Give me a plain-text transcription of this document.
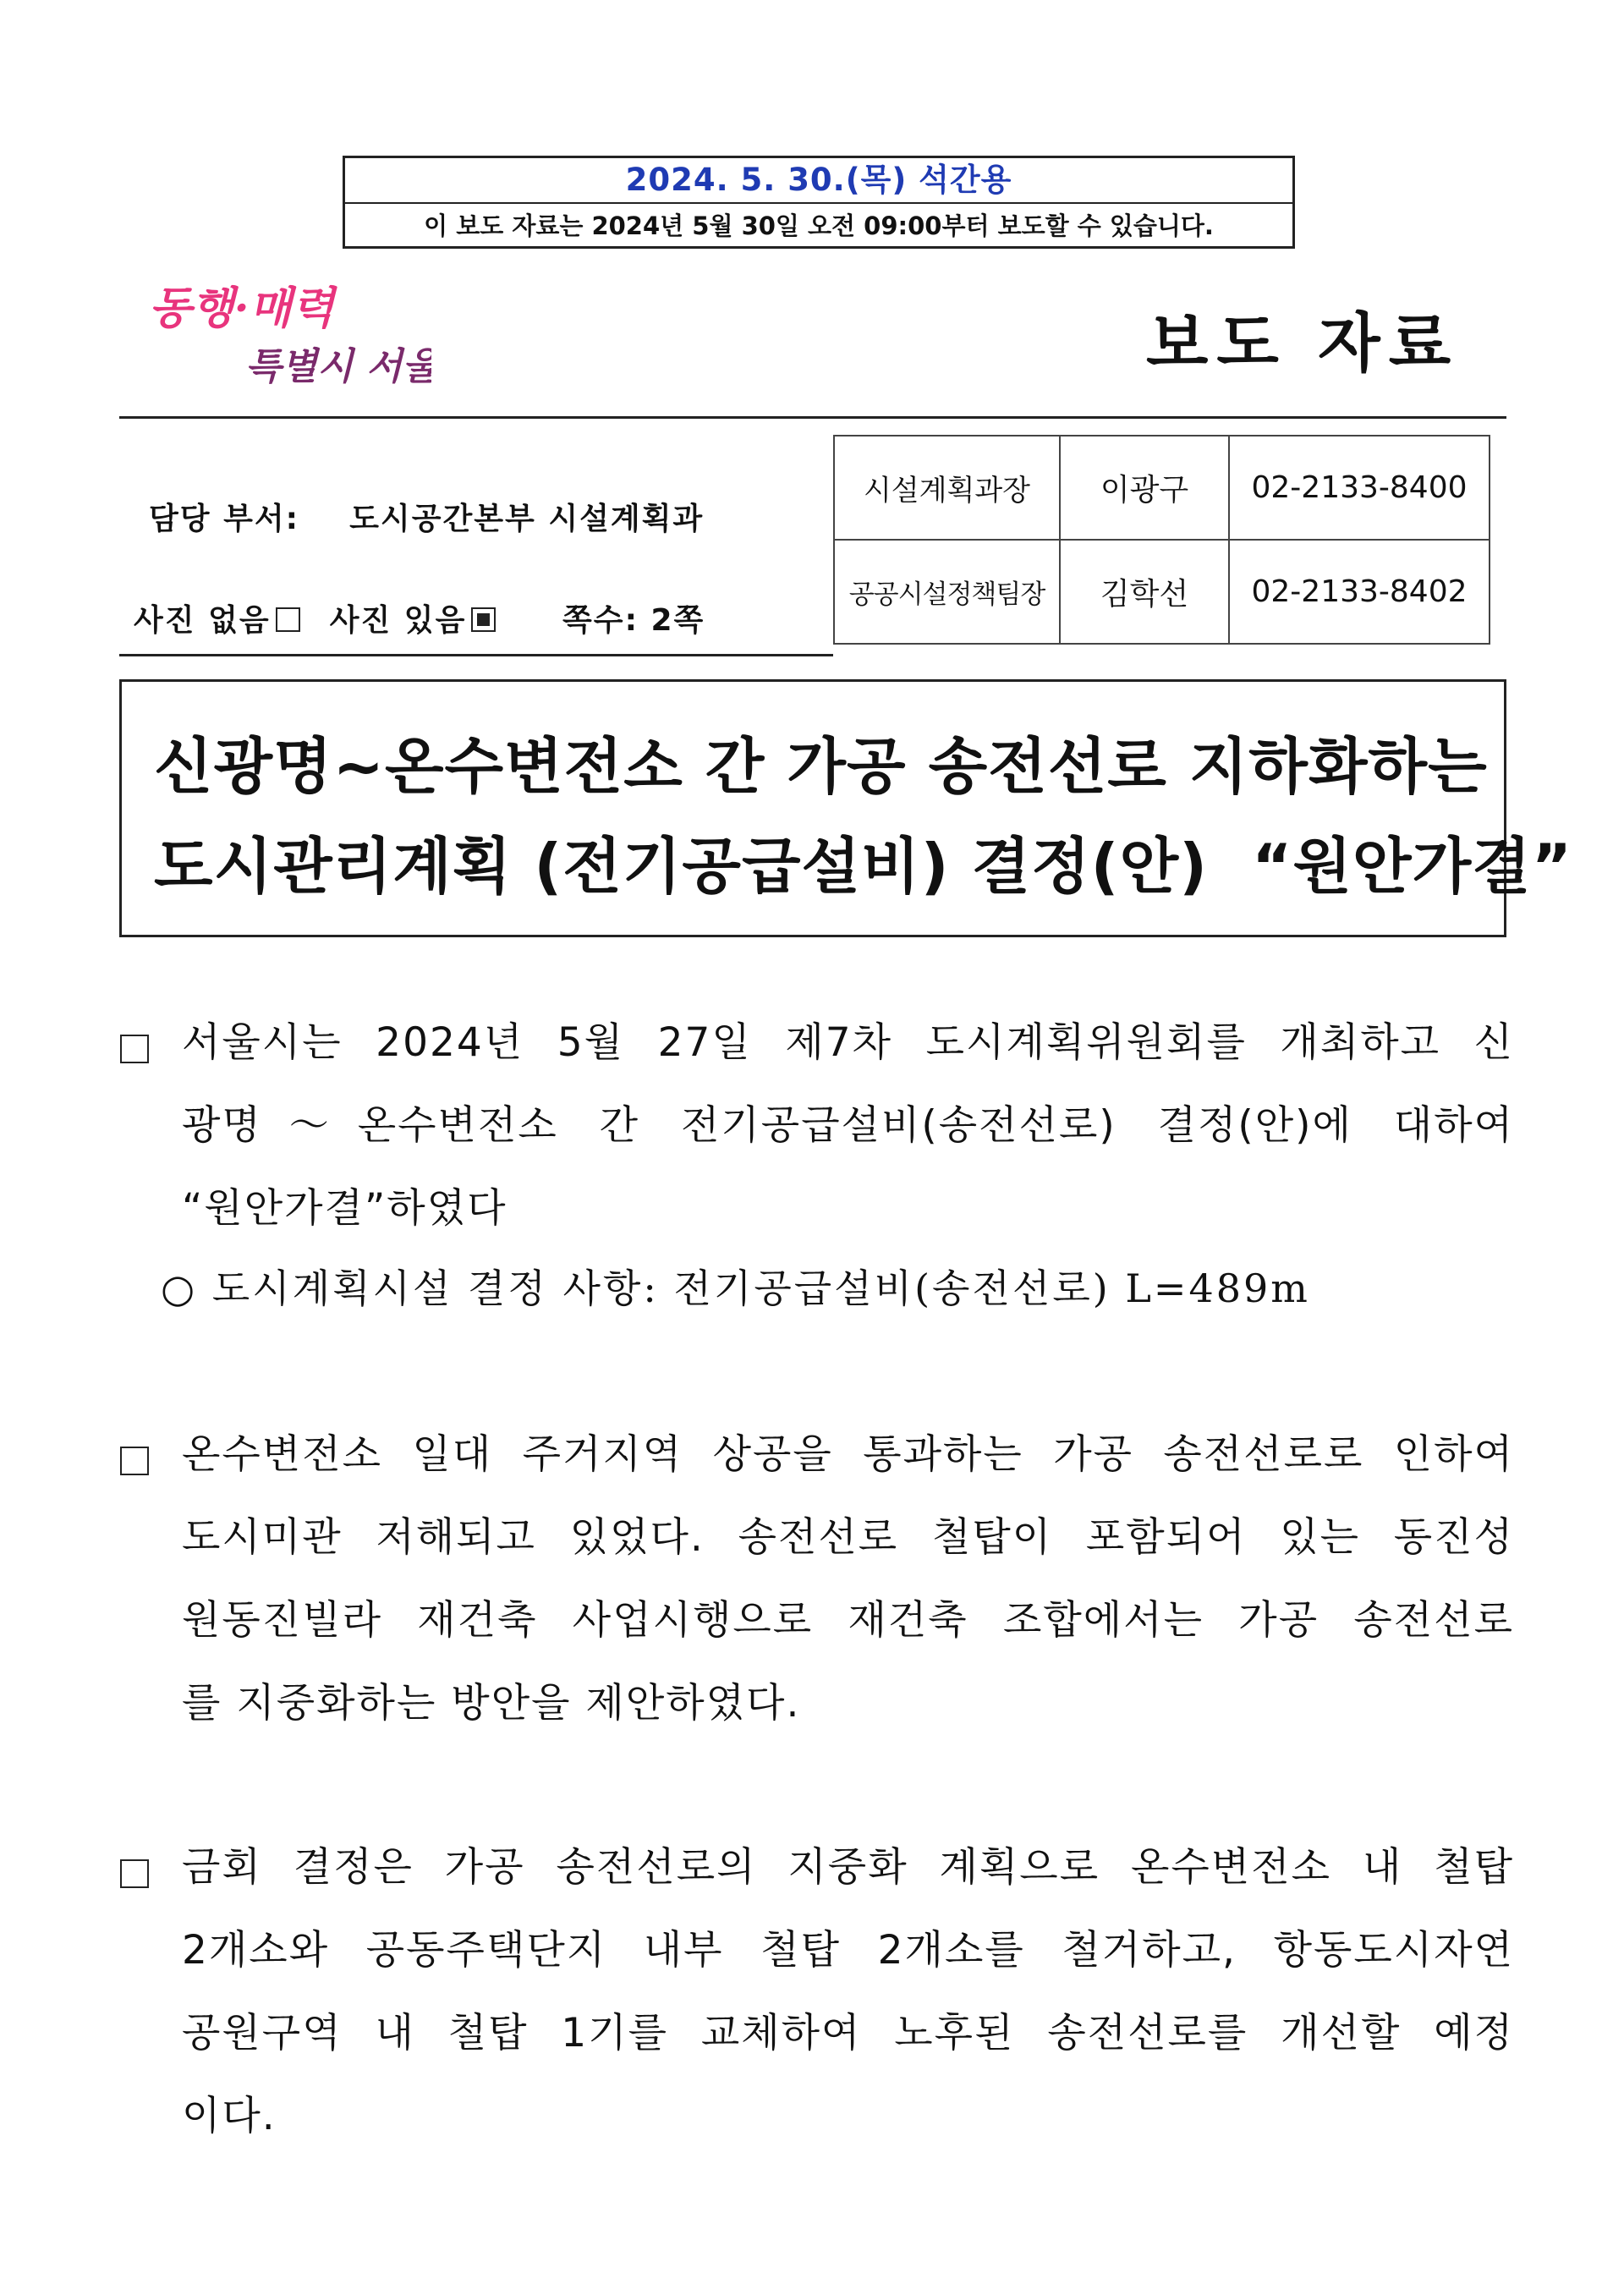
2024. 5. 30.(목) 석간용
이 보도 자료는 2024년 5월 30일 오전 09:00부터 보도할 수 있습니다.
동행·매력
특별시 서울	보도 자료
담당 부서: 도시공간본부 시설계획과
사진 없음 사진 있음	쪽수: 2쪽
시설계획과장	이광구	02-2133-8400
공공시설정책팀장	김학선	02-2133-8402
신광명~온수변전소 간 가공 송전선로 지하화하는
도시관리계획 (전기공급설비) 결정(안)  “원안가결”
서울시는 2024년 5월 27일 제7차 도시계획위원회를 개최하고 신
광명～온수변전소 간 전기공급설비(송전선로) 결정(안)에 대하여
“원안가결”하였다
○ 도시계획시설 결정 사항: 전기공급설비(송전선로) L=489m
온수변전소 일대 주거지역 상공을 통과하는 가공 송전선로로 인하여
도시미관 저해되고 있었다. 송전선로 철탑이 포함되어 있는 동진성
원동진빌라 재건축 사업시행으로 재건축 조합에서는 가공 송전선로
를 지중화하는 방안을 제안하였다.
금회 결정은 가공 송전선로의 지중화 계획으로 온수변전소 내 철탑
2개소와 공동주택단지 내부 철탑 2개소를 철거하고, 항동도시자연
공원구역 내 철탑 1기를 교체하여 노후된 송전선로를 개선할 예정
이다.
